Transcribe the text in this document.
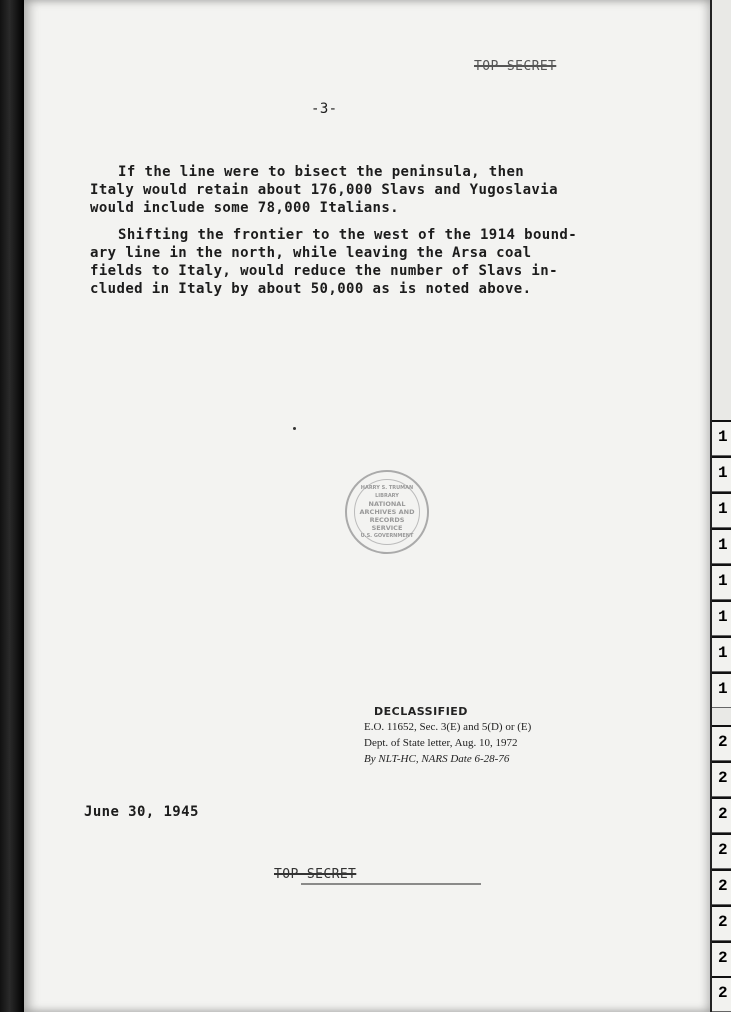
TOP SECRET

-3-

If the line were to bisect the peninsula, then

Italy would retain about 176,000 Slavs and Yugoslavia

would include some 78,000 Italians.

Shifting the frontier to the west of the 1914 bound-

ary line in the north, while leaving the Arsa coal

fields to Italy, would reduce the number of Slavs in-

cluded in Italy by about 50,000 as is noted above.

HARRY S. TRUMAN LIBRARY
NATIONAL
ARCHIVES AND
RECORDS
SERVICE
U.S. GOVERNMENT
DECLASSIFIED
E.O. 11652, Sec. 3(E) and 5(D) or (E)
Dept. of State letter, Aug. 10, 1972
By NLT-HC, NARS Date 6-28-76

June 30, 1945

TOP SECRET

1
1
1
1
1
1
1
1
2
2
2
2
2
2
2
2
